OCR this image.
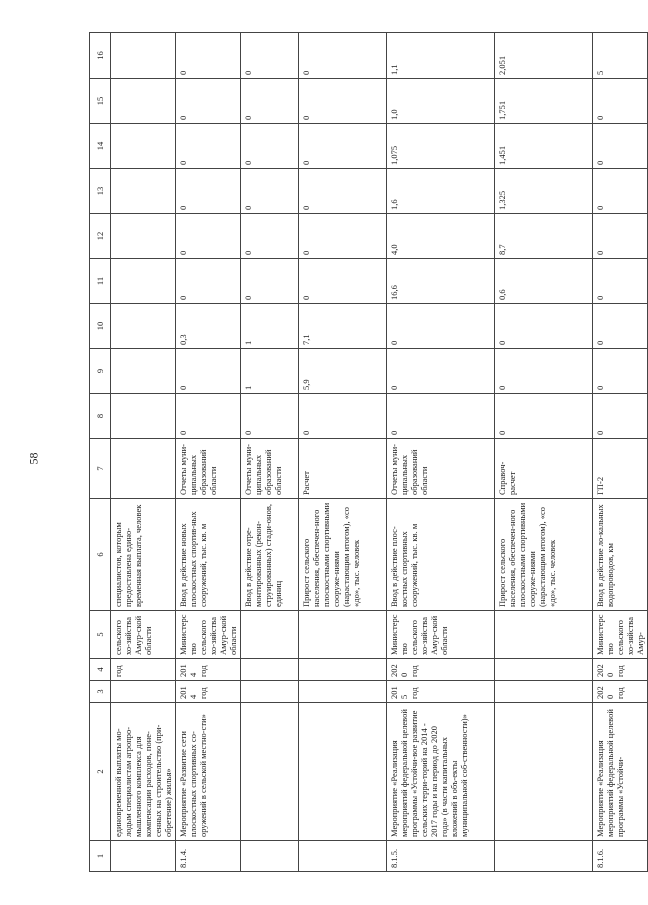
58
1	2	3	4	5	6	7	8	9	10	11	12	13	14	15	16
	единовременной выплаты мо-лодым специалистам агропро-мышленного комплекса для компенсации расходов, поне-сенных на строительство (при-обретение) жилья»		год	сельского хо-зяйства Амур-ской области	специалистов, которым предоставлена едино-временная выплата, человек										
8.1.4.	Мероприятие «Развитие сети плоскостных спортивных со-оружений в сельской местно-сти»	2014 год	2014 год	Министерство сельского хо-зяйства Амур-ской области	Ввод в действие новых плоскостных спортив-ных сооружений, тыс. кв. м	Отчеты муни-ципальных образований области	0	0	0,3	0	0	0	0	0	0
					Ввод в действие отре-монтированных (рекон-струированных) стади-онов, единиц	Отчеты муни-ципальных образований области	0	1	1	0	0	0	0	0	0
					Прирост сельского населения, обеспечен-ного плоскостными спортивными сооруже-ниями (нарастающим итогом), «со «до», тыс. человек	Расчет	0	5,9	7,1	0	0	0	0	0	0
8.1.5.	Мероприятие «Реализация мероприятий федеральной целевой программы «Устойчи-вое развитие сельских терри-торий на 2014 - 2017 годы и на период до 2020 года» (в части капитальных вложений в объ-екты муниципальной соб-ственности)»	2015 год	2020 год	Министерство сельского хо-зяйства Амур-ской области	Ввод в действие плос-костных спортивных сооружений, тыс. кв. м	Отчеты муни-ципальных образований области	0	0	0	16,6	4,0	1,6	1,075	1,0	1,1
					Прирост сельского населения, обеспечен-ного плоскостными спортивными сооруже-ниями (нарастающим итогом), «со «до», тыс. человек	Справоч-расчет	0	0	0	0,6	8,7	1,325	1,451	1,751	2,051
8.1.6.	Мероприятие «Реализация мероприятий федеральной целевой программы «Устойчи-	2020 год	2020 год	Министерство сельского хо-зяйства Амур-	Ввод в действие ло-кальных водопроводов, км	ГП-2	0	0	0	0	0	0	0	0	5
